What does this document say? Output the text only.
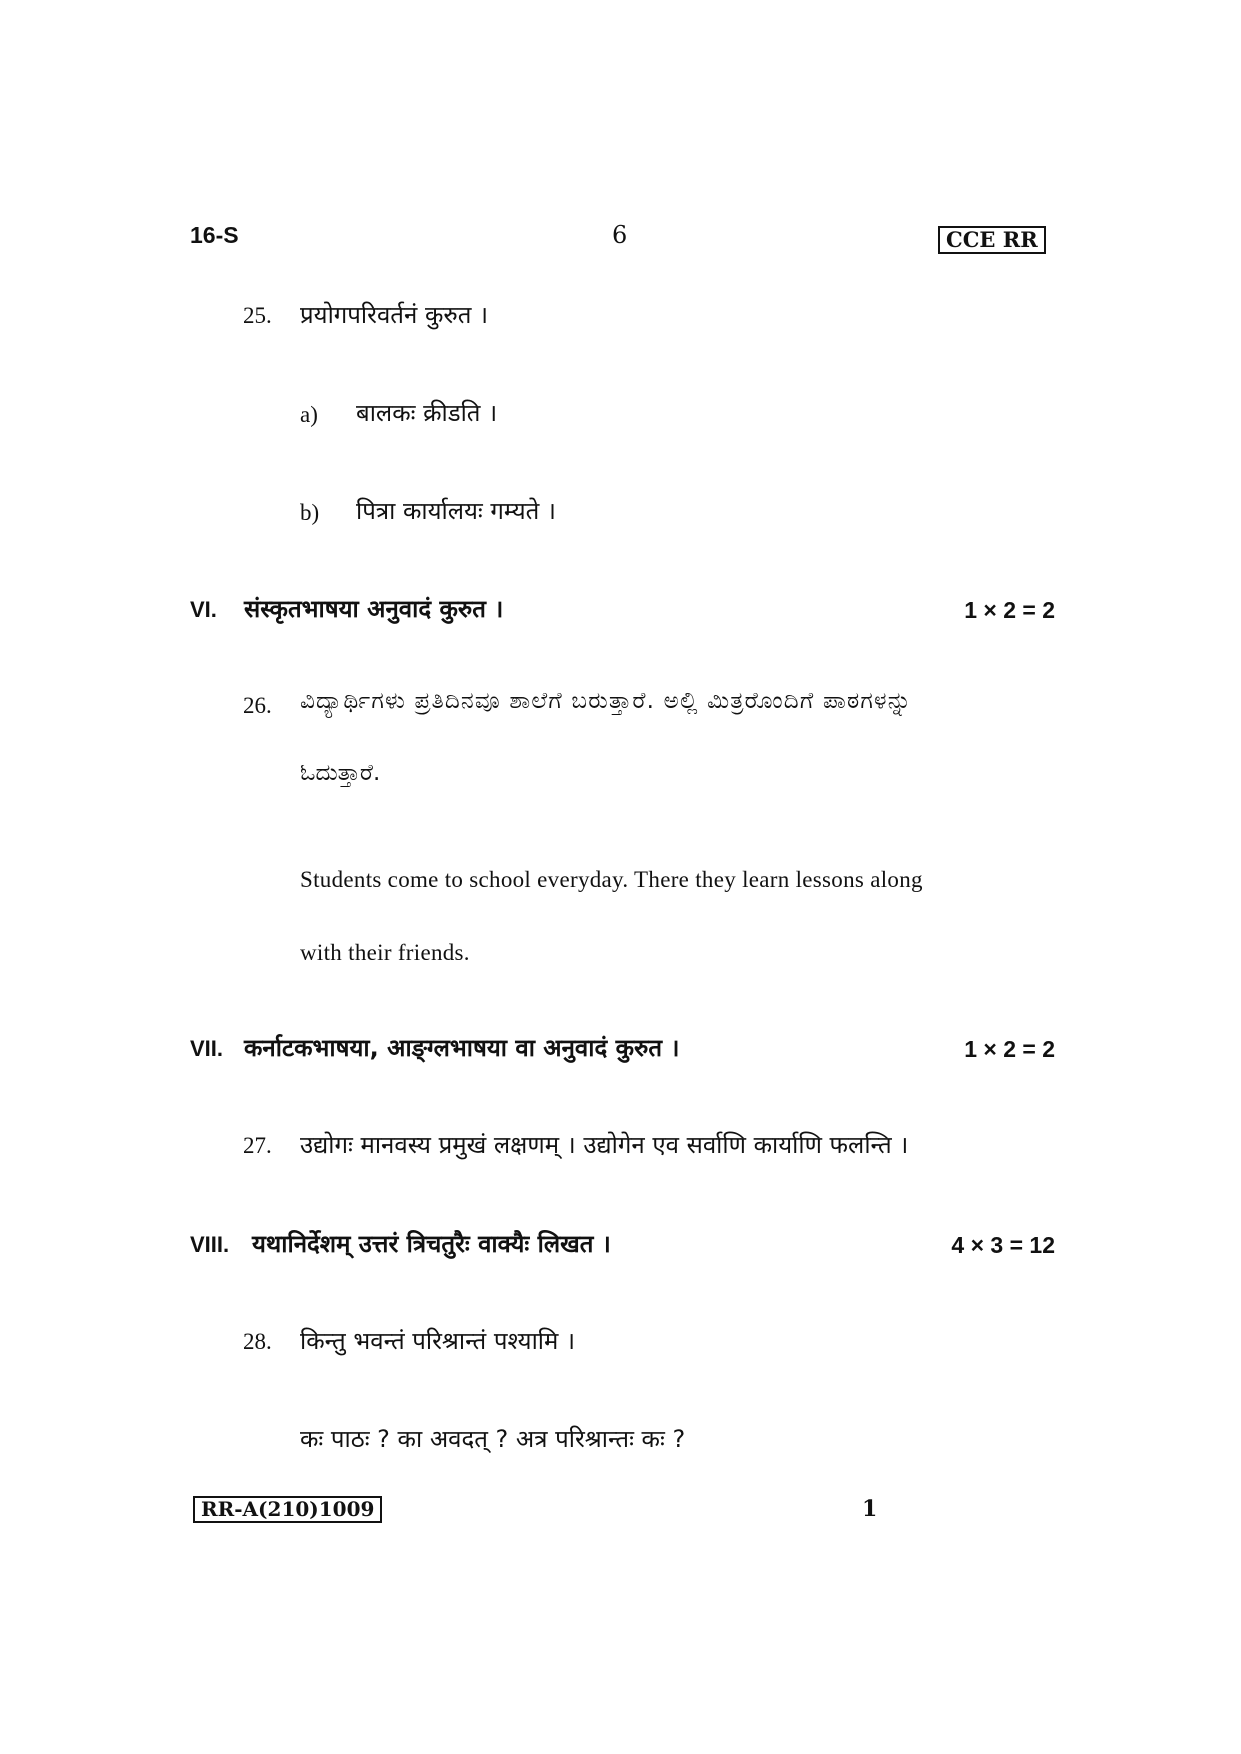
16-S	6	CCE RR
25. प्रयोगपरिवर्तनं कुरुत ।
a) बालकः क्रीडति ।
b) पित्रा कार्यालयः गम्यते ।
VI. संस्कृतभाषया अनुवादं कुरुत ।	1 × 2 = 2
26. ವಿದ್ಯಾರ್ಥಿಗಳು ಪ್ರತಿದಿನವೂ ಶಾಲೆಗೆ ಬರುತ್ತಾರೆ. ಅಲ್ಲಿ ಮಿತ್ರರೊಂದಿಗೆ ಪಾಠಗಳನ್ನು
ಓದುತ್ತಾರೆ.
Students come to school everyday. There they learn lessons along
with their friends.
VII. कर्नाटकभाषया, आङ्ग्लभाषया वा अनुवादं कुरुत ।	1 × 2 = 2
27. उद्योगः मानवस्य प्रमुखं लक्षणम् । उद्योगेन एव सर्वाणि कार्याणि फलन्ति ।
VIII. यथानिर्देशम् उत्तरं त्रिचतुरैः वाक्यैः लिखत ।	4 × 3 = 12
28. किन्तु भवन्तं परिश्रान्तं पश्यामि ।
कः पाठः ? का अवदत् ? अत्र परिश्रान्तः कः ?
RR-A(210)1009	1
